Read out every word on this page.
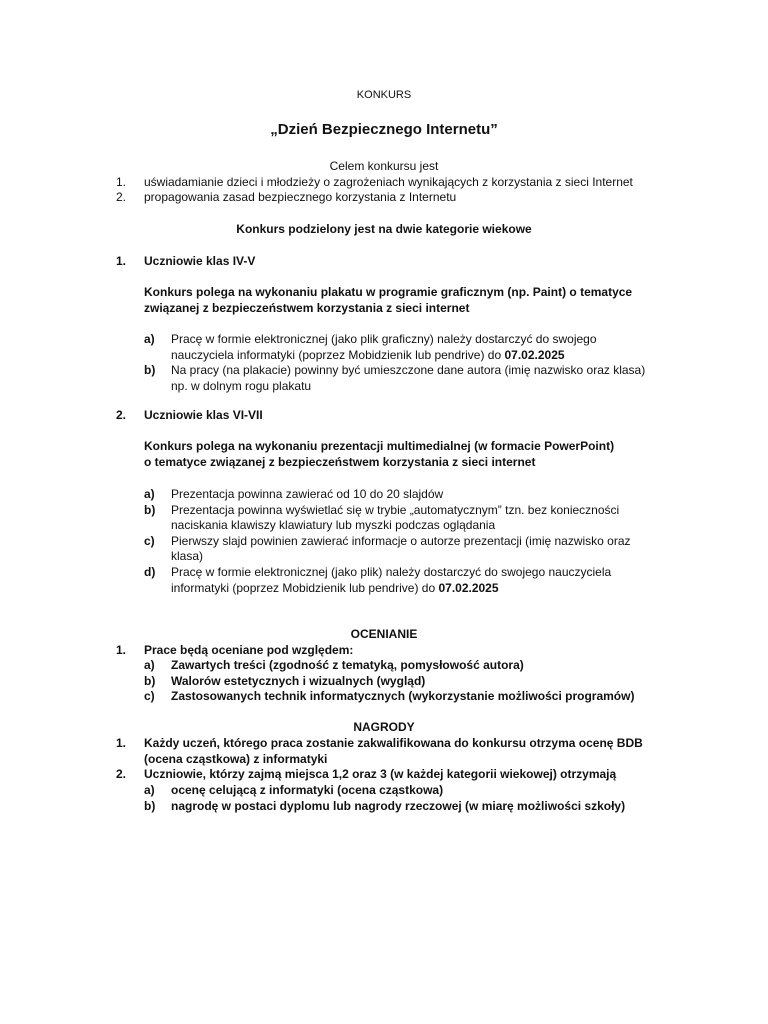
KONKURS
„Dzień Bezpiecznego Internetu”
Celem konkursu jest
1. uświadamianie dzieci i młodzieży o zagrożeniach wynikających z korzystania z sieci Internet
2. propagowania zasad bezpiecznego korzystania z Internetu
Konkurs podzielony jest na dwie kategorie wiekowe
1. Uczniowie klas IV-V
Konkurs polega na wykonaniu plakatu w programie graficznym (np. Paint) o tematyce
związanej z bezpieczeństwem korzystania z sieci internet
a) Pracę w formie elektronicznej (jako plik graficzny) należy dostarczyć do swojego
nauczyciela informatyki (poprzez Mobidzienik lub pendrive) do 07.02.2025
b) Na pracy (na plakacie) powinny być umieszczone dane autora (imię nazwisko oraz klasa)
np. w dolnym rogu plakatu
2. Uczniowie klas VI-VII
Konkurs polega na wykonaniu prezentacji multimedialnej (w formacie PowerPoint)
o tematyce związanej z bezpieczeństwem korzystania z sieci internet
a) Prezentacja powinna zawierać od 10 do 20 slajdów
b) Prezentacja powinna wyświetlać się w trybie „automatycznym” tzn. bez konieczności
naciskania klawiszy klawiatury lub myszki podczas oglądania
c) Pierwszy slajd powinien zawierać informacje o autorze prezentacji (imię nazwisko oraz
klasa)
d) Pracę w formie elektronicznej (jako plik) należy dostarczyć do swojego nauczyciela
informatyki (poprzez Mobidzienik lub pendrive) do 07.02.2025
OCENIANIE
1. Prace będą oceniane pod względem:
a) Zawartych treści (zgodność z tematyką, pomysłowość autora)
b) Walorów estetycznych i wizualnych (wygląd)
c) Zastosowanych technik informatycznych (wykorzystanie możliwości programów)
NAGRODY
1. Każdy uczeń, którego praca zostanie zakwalifikowana do konkursu otrzyma ocenę BDB
(ocena cząstkowa) z informatyki
2. Uczniowie, którzy zajmą miejsca 1,2 oraz 3 (w każdej kategorii wiekowej) otrzymają
a) ocenę celującą z informatyki (ocena cząstkowa)
b) nagrodę w postaci dyplomu lub nagrody rzeczowej (w miarę możliwości szkoły)
